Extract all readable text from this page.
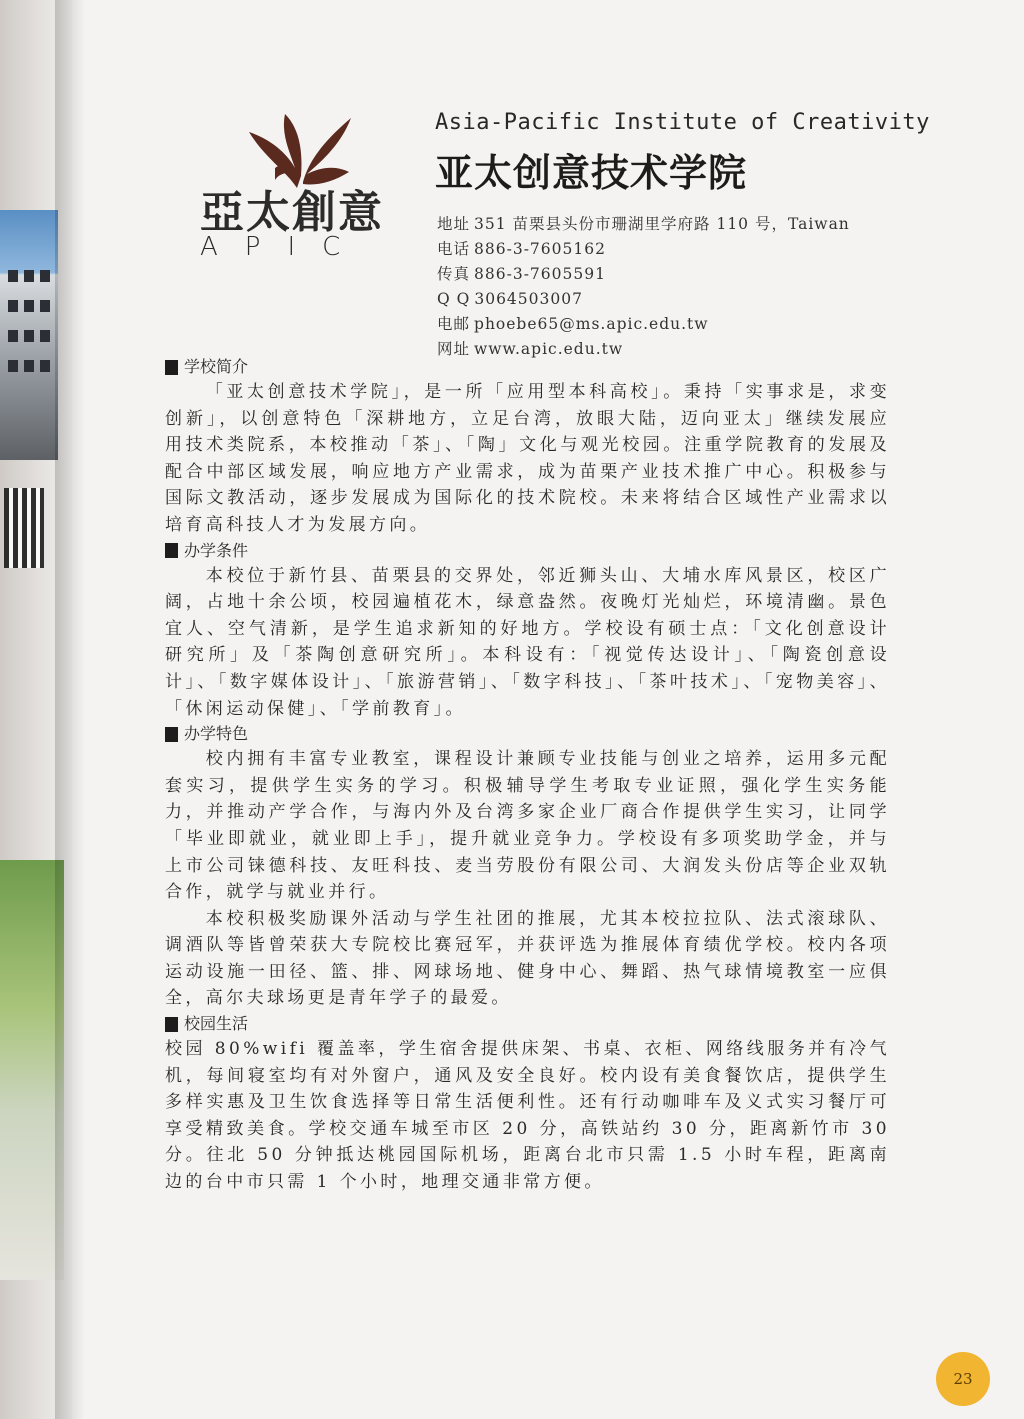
亞太創意
APIC
Asia-Pacific Institute of Creativity
亚太创意技术学院
地址 351 苗栗县头份市珊湖里学府路 110 号，Taiwan
电话 886-3-7605162
传真 886-3-7605591
Q Q 3064503007
电邮 phoebe65@ms.apic.edu.tw
网址 www.apic.edu.tw
学校简介

「亚太创意技术学院」，是一所「应用型本科高校」。秉持「实事求是，求变创新」，以创意特色「深耕地方，立足台湾，放眼大陆，迈向亚太」继续发展应用技术类院系，本校推动「茶」、「陶」文化与观光校园。注重学院教育的发展及配合中部区域发展，响应地方产业需求，成为苗栗产业技术推广中心。积极参与国际文教活动，逐步发展成为国际化的技术院校。未来将结合区域性产业需求以培育高科技人才为发展方向。

办学条件

本校位于新竹县、苗栗县的交界处，邻近狮头山、大埔水库风景区，校区广阔，占地十余公顷，校园遍植花木，绿意盎然。夜晚灯光灿烂，环境清幽。景色宜人、空气清新，是学生追求新知的好地方。学校设有硕士点：「文化创意设计研究所」及「茶陶创意研究所」。本科设有：「视觉传达设计」、「陶瓷创意设计」、「数字媒体设计」、「旅游营销」、「数字科技」、「茶叶技术」、「宠物美容」、「休闲运动保健」、「学前教育」。

办学特色

校内拥有丰富专业教室，课程设计兼顾专业技能与创业之培养，运用多元配套实习，提供学生实务的学习。积极辅导学生考取专业证照，强化学生实务能力，并推动产学合作，与海内外及台湾多家企业厂商合作提供学生实习，让同学「毕业即就业，就业即上手」，提升就业竞争力。学校设有多项奖助学金，并与上市公司铼德科技、友旺科技、麦当劳股份有限公司、大润发头份店等企业双轨合作，就学与就业并行。

本校积极奖励课外活动与学生社团的推展，尤其本校拉拉队、法式滚球队、调酒队等皆曾荣获大专院校比赛冠军，并获评选为推展体育绩优学校。校内各项运动设施一田径、篮、排、网球场地、健身中心、舞蹈、热气球情境教室一应俱全，高尔夫球场更是青年学子的最爱。

校园生活

校园 80%wifi 覆盖率，学生宿舍提供床架、书桌、衣柜、网络线服务并有冷气机，每间寝室均有对外窗户，通风及安全良好。校内设有美食餐饮店，提供学生多样实惠及卫生饮食选择等日常生活便利性。还有行动咖啡车及义式实习餐厅可享受精致美食。学校交通车城至市区 20 分，高铁站约 30 分，距离新竹市 30 分。往北 50 分钟抵达桃园国际机场，距离台北市只需 1.5 小时车程，距离南边的台中市只需 1 个小时，地理交通非常方便。

23
